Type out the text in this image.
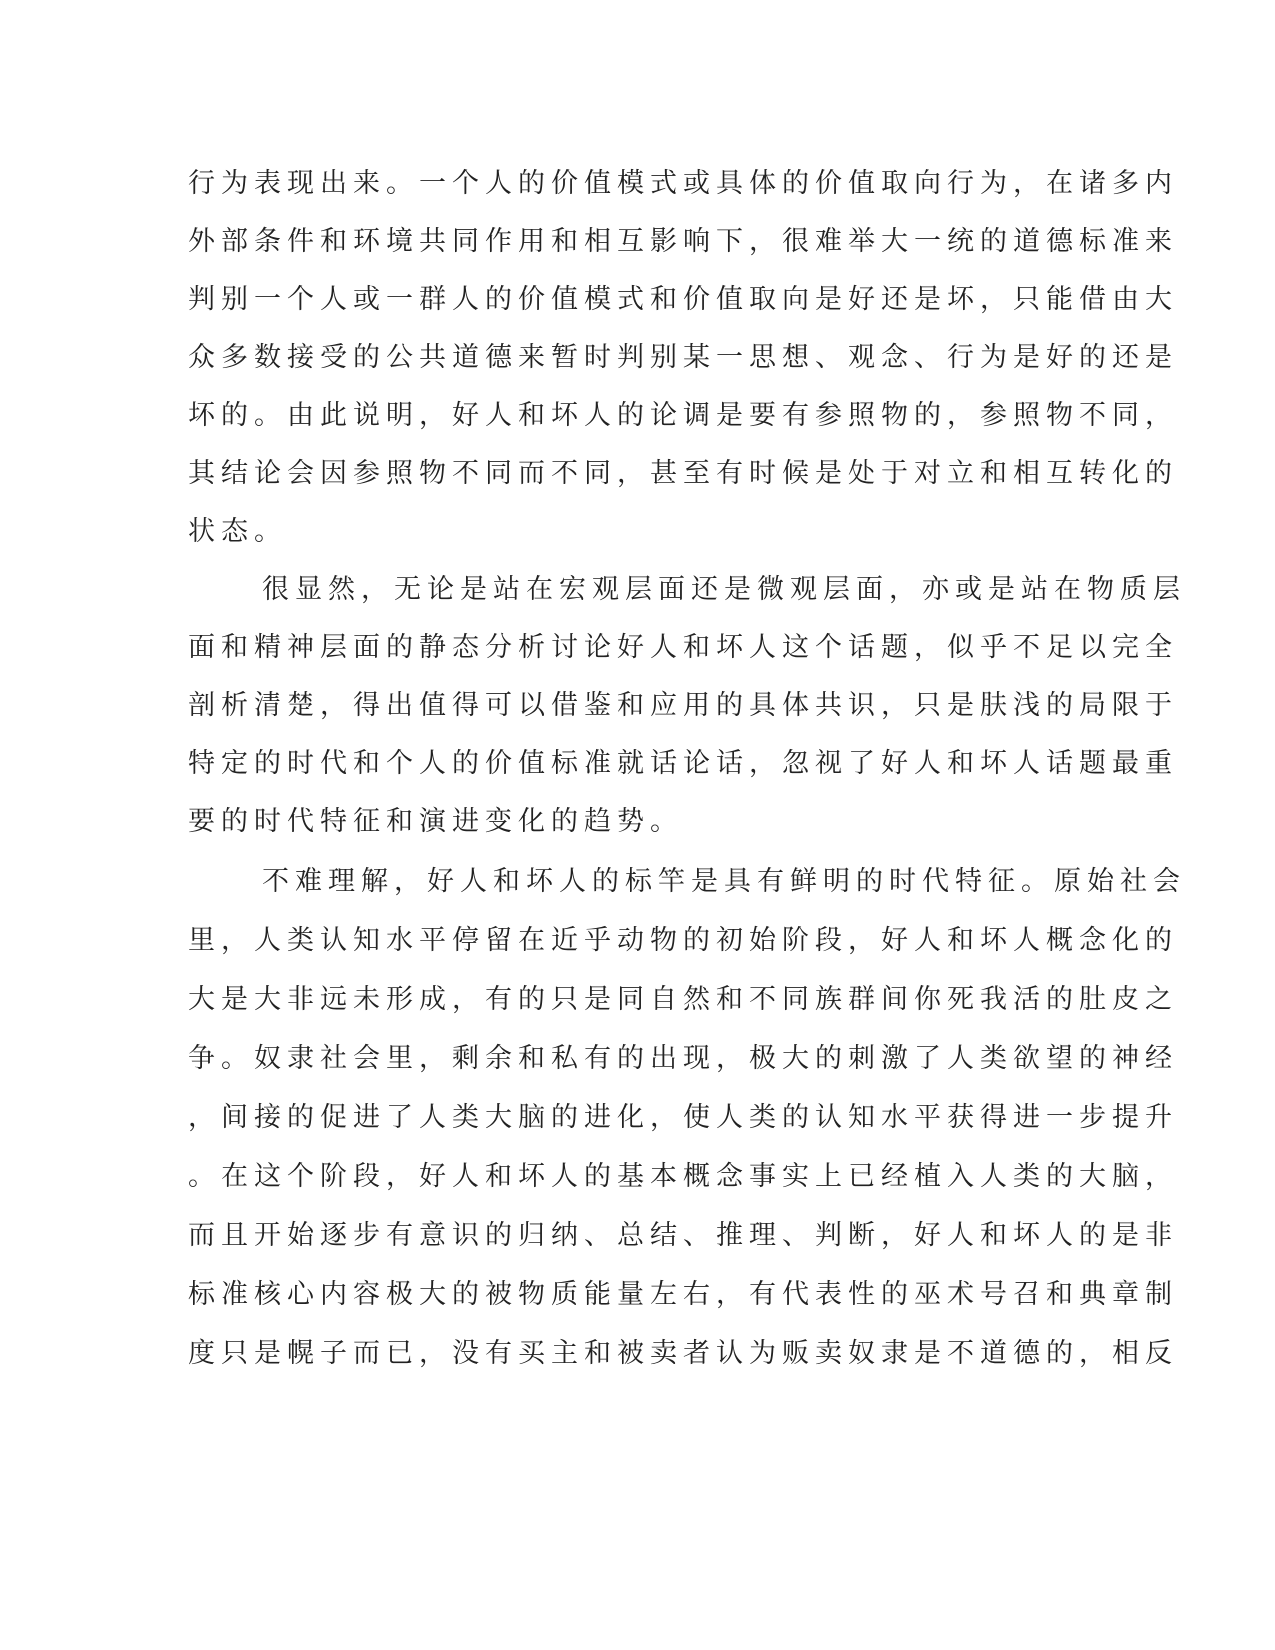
行为表现出来。一个人的价值模式或具体的价值取向行为，在诸多内
外部条件和环境共同作用和相互影响下，很难举大一统的道德标准来
判别一个人或一群人的价值模式和价值取向是好还是坏，只能借由大
众多数接受的公共道德来暂时判别某一思想、观念、行为是好的还是
坏的。由此说明，好人和坏人的论调是要有参照物的，参照物不同，
其结论会因参照物不同而不同，甚至有时候是处于对立和相互转化的
状态。
很显然，无论是站在宏观层面还是微观层面，亦或是站在物质层
面和精神层面的静态分析讨论好人和坏人这个话题，似乎不足以完全
剖析清楚，得出值得可以借鉴和应用的具体共识，只是肤浅的局限于
特定的时代和个人的价值标准就话论话，忽视了好人和坏人话题最重
要的时代特征和演进变化的趋势。
不难理解，好人和坏人的标竿是具有鲜明的时代特征。原始社会
里，人类认知水平停留在近乎动物的初始阶段，好人和坏人概念化的
大是大非远未形成，有的只是同自然和不同族群间你死我活的肚皮之
争。奴隶社会里，剩余和私有的出现，极大的刺激了人类欲望的神经
，间接的促进了人类大脑的进化，使人类的认知水平获得进一步提升
。在这个阶段，好人和坏人的基本概念事实上已经植入人类的大脑，
而且开始逐步有意识的归纳、总结、推理、判断，好人和坏人的是非
标准核心内容极大的被物质能量左右，有代表性的巫术号召和典章制
度只是幌子而已，没有买主和被卖者认为贩卖奴隶是不道德的，相反
